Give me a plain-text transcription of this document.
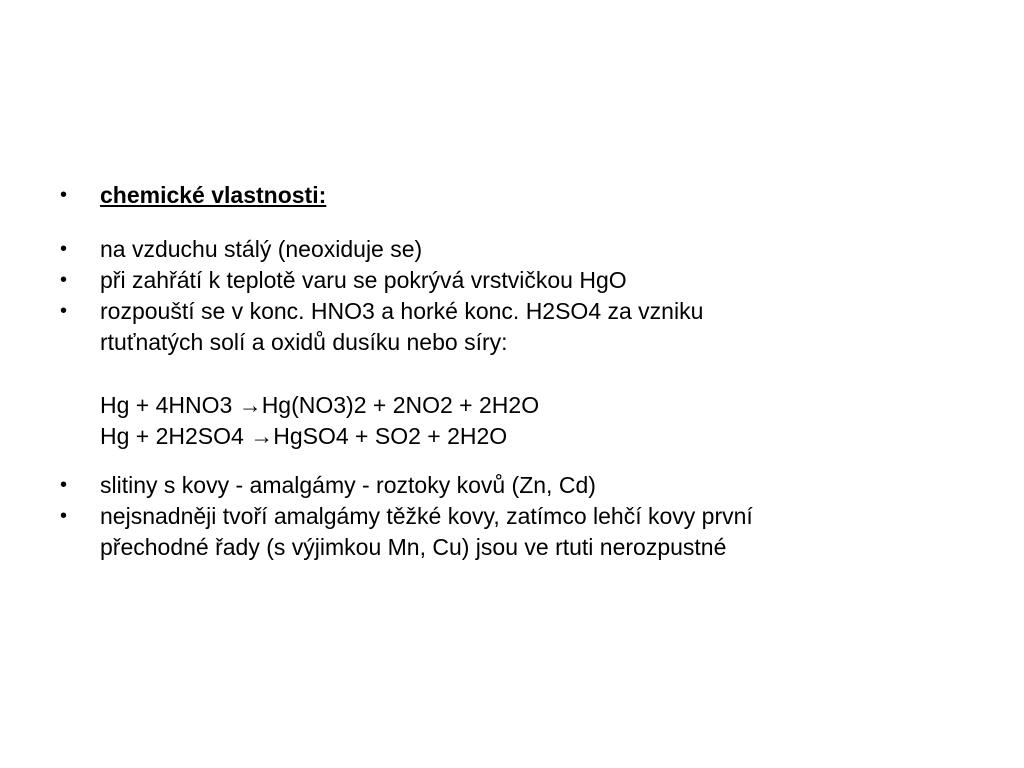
•	chemické vlastnosti:
•	na vzduchu stálý (neoxiduje se)
•	při zahřátí k teplotě varu se pokrývá vrstvičkou HgO
•	rozpouští se v konc. HNO3 a horké konc. H2SO4 za vzniku
rtuťnatých solí a oxidů dusíku nebo síry:
Hg + 4HNO3 →Hg(NO3)2 + 2NO2 + 2H2O
Hg + 2H2SO4 →HgSO4 + SO2 + 2H2O
•	slitiny s kovy - amalgámy - roztoky kovů (Zn, Cd)
•	nejsnadněji tvoří amalgámy těžké kovy, zatímco lehčí kovy první
přechodné řady (s výjimkou Mn, Cu) jsou ve rtuti nerozpustné
